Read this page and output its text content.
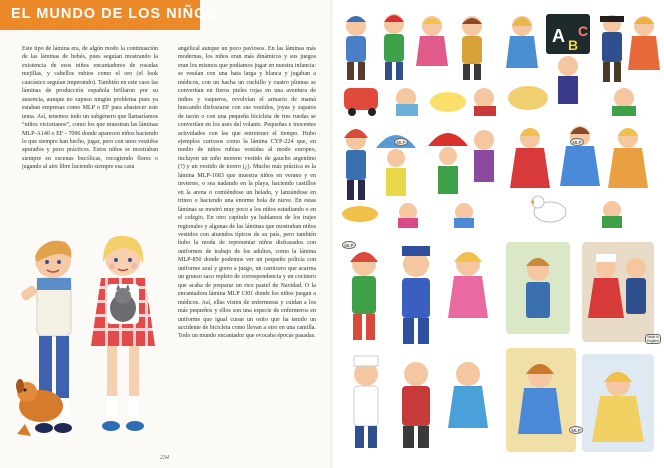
EL MUNDO DE LOS NIÑOS

Este tipo de lámina era, de algún modo la continuación de las láminas de bebés, pues seguían mostrando la existencia de esos niños encantadores de rosadas mejillas, y cabellos rubios como el oro (el look caucásico seguían imperando). También en este caso las láminas de producción española brillaron por su ausencia, aunque no supuso ningún problema pues ya estaban empresas como MLP o EF para abastecer este tema. Así, tenemos todo un subgénero que llamaríamos “niños victorianos”, como los que muestran las láminas MLP-A140 o EF - 7096 donde aparecen niños haciendo lo que siempre han hecho, jugar, pero con unos vestidos apurados y poco prácticos. Estos niños se mostraban siempre en escenas bucólicas, recogiendo flores o jugando al aire libre luciendo siempre esa cara

angelical aunque un poco paviosos. En las láminas más modernas, los niños eran más dinámicos y sus juegos eran los mismos que podíamos jugar en nuestra infancia: se vestían con una bata larga y blanca y jugaban a médicos, con un hacha un cuchillo y cuatro plumas se convertían en fieros pieles rojas en una aventura de indios y vaqueros, revolvían el armario de mamá buscando disfrazarse con sus vestidos, joyas y zapatos de tacón o con una pequeña bicicleta de tres ruedas se convertían en los ases del volante. Pequeñas e inocentes actividades con las que entretener el tiempo. Hubo ejemplos curiosos como la lámina CYP-224 que, en medio de niños rubias vestidas al modo europeo, incluyen un niño moreno vestido de gaucho argentino (?) y un vestido de torero (¿). Mucho más práctica es la lámina MLP-1683 que muestra niños en verano y en invierno, o sea nadando en la playa, haciendo castillos en la arena o comiéndose un helado, y lanzándose en trineo o haciendo una enorme bola de nieve. En estas láminas se mostró muy poco a los niños estudiando o en el colegio. En otro capítulo ya hablamos de los trajes regionales y algunas de las láminas que mostraban niños vestidos con atuendos típicos de su país, pero también hubo la moda de representar niños disfrazados con uniformes de trabajo de los adultos, como la lámina MLP-850 donde podemos ver un pequeño policía con uniforme azul y gorro a juego, un carnicero que acarrea un grueso saco repleto de correspondencia y un cocinero que acaba de preparar un rico pastel de Navidad. O la encantadora lámina MLP 1301 donde los niños juegan a médicos. Así, ellas visten de enfermeras y cuidan a los más pequeños y ellos son una especie de enfermeros en uniforme que igual curan un osito que ha tenido un accidente de bicicleta como llevan a otro en una camilla. Todo un mundo encantador que evocaba épocas pasadas.

234
A B
C
MLP	MLP
MLP
Made in
England
MLP
